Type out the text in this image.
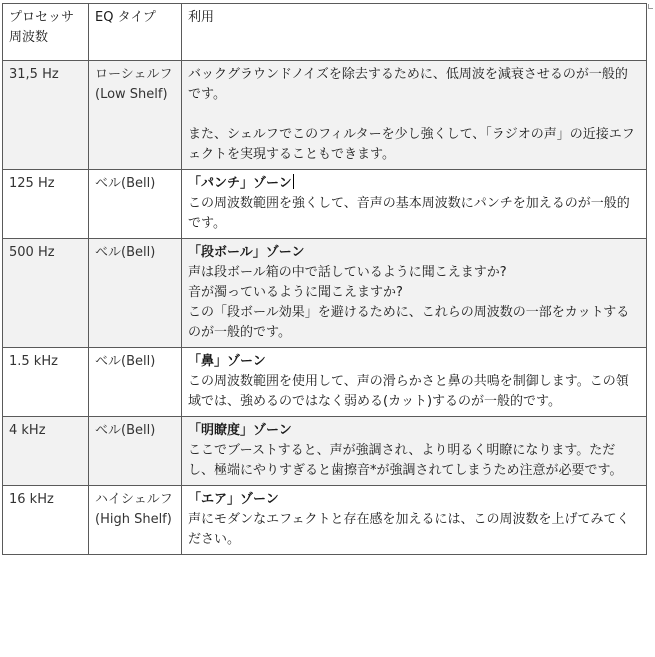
プロセッサ周波数	EQ タイプ	利用
31,5 Hz	ローシェルフ(Low Shelf)	バックグラウンドノイズを除去するために、低周波を減衰させるのが一般的です。
また、シェルフでこのフィルターを少し強くして、「ラジオの声」の近接エフェクトを実現することもできます。

125 Hz	ベル(Bell)	「パンチ」ゾーン
この周波数範囲を強くして、音声の基本周波数にパンチを加えるのが一般的です。

500 Hz	ベル(Bell)	「段ボール」ゾーン
声は段ボール箱の中で話しているように聞こえますか?
音が濁っているように聞こえますか?
この「段ボール効果」を避けるために、これらの周波数の一部をカットするのが一般的です。

1.5 kHz	ベル(Bell)	「鼻」ゾーン
この周波数範囲を使用して、声の滑らかさと鼻の共鳴を制御します。この領域では、強めるのではなく弱める(カット)するのが一般的です。

4 kHz	ベル(Bell)	「明瞭度」ゾーン
ここでブーストすると、声が強調され、より明るく明瞭になります。ただし、極端にやりすぎると歯擦音*が強調されてしまうため注意が必要です。

16 kHz	ハイシェルフ(High Shelf)	「エア」ゾーン
声にモダンなエフェクトと存在感を加えるには、この周波数を上げてみてください。
